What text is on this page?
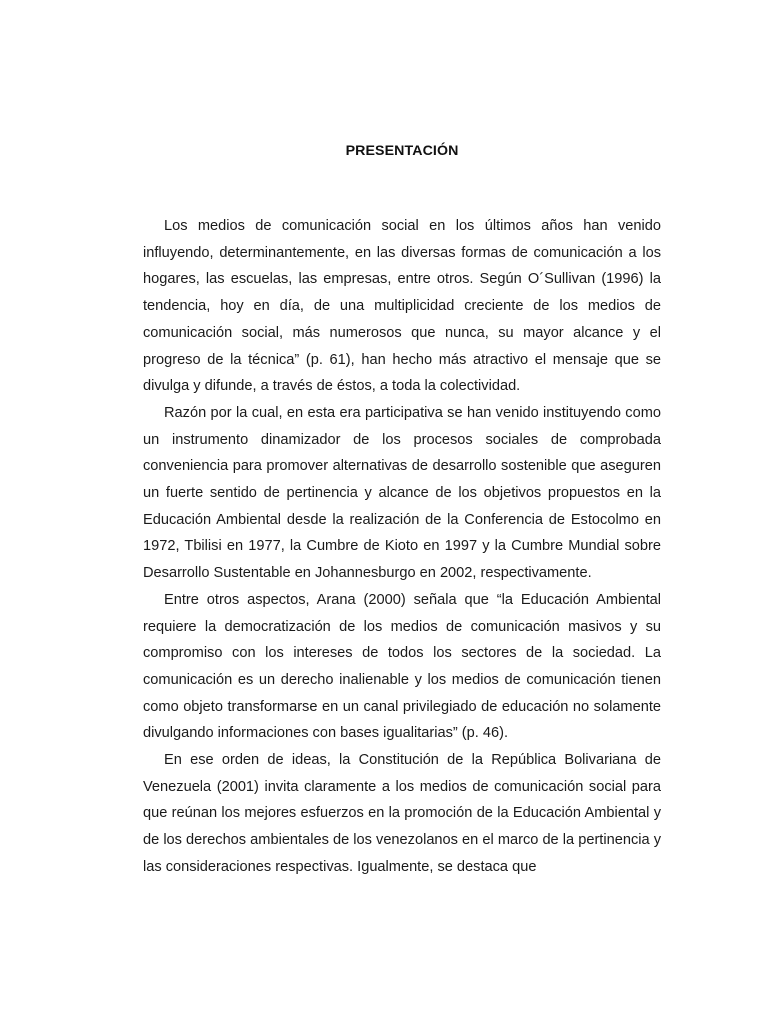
PRESENTACIÓN

Los medios de comunicación social en los últimos años han venido influyendo, determinantemente, en las diversas formas de comunicación a los hogares, las escuelas, las empresas, entre otros. Según O´Sullivan (1996) la tendencia, hoy en día, de una multiplicidad creciente de los medios de comunicación social, más numerosos que nunca, su mayor alcance y el progreso de la técnica” (p. 61), han hecho más atractivo el mensaje que se divulga y difunde, a través de éstos, a toda la colectividad.

Razón por la cual, en esta era participativa se han venido instituyendo como un instrumento dinamizador de los procesos sociales de comprobada conveniencia para promover alternativas de desarrollo sostenible que aseguren un fuerte sentido de pertinencia y alcance de los objetivos propuestos en la Educación Ambiental desde la realización de la Conferencia de Estocolmo en 1972, Tbilisi en 1977, la Cumbre de Kioto en 1997 y la Cumbre Mundial sobre Desarrollo Sustentable en Johannesburgo en 2002, respectivamente.

Entre otros aspectos, Arana (2000) señala que “la Educación Ambiental requiere la democratización de los medios de comunicación masivos y su compromiso con los intereses de todos los sectores de la sociedad. La comunicación es un derecho inalienable y los medios de comunicación tienen como objeto transformarse en un canal privilegiado de educación no solamente divulgando informaciones con bases igualitarias” (p. 46).

En ese orden de ideas, la Constitución de la República Bolivariana de Venezuela (2001) invita claramente a los medios de comunicación social para que reúnan los mejores esfuerzos en la promoción de la Educación Ambiental y de los derechos ambientales de los venezolanos en el marco de la pertinencia y las consideraciones respectivas. Igualmente, se destaca que
